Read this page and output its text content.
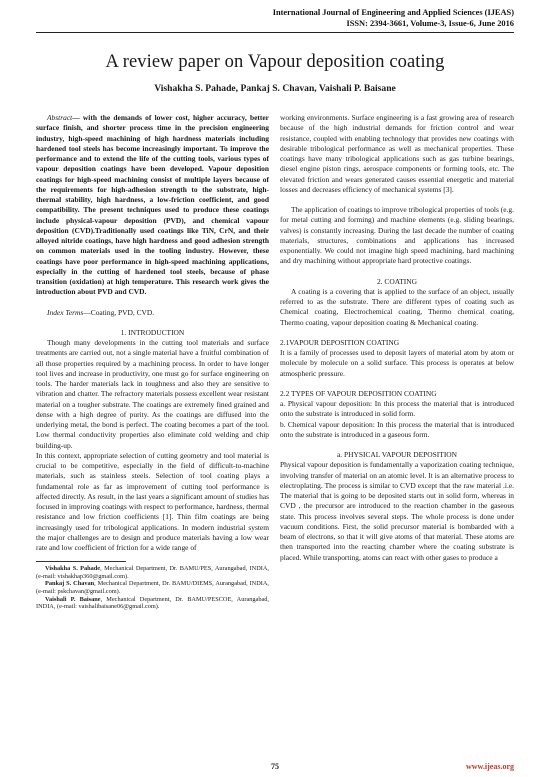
International Journal of Engineering and Applied Sciences (IJEAS)
ISSN: 2394-3661, Volume-3, Issue-6, June 2016
A review paper on Vapour deposition coating
Vishakha S. Pahade, Pankaj S. Chavan, Vaishali P. Baisane

Abstract— with the demands of lower cost, higher accuracy, better surface finish, and shorter process time in the precision engineering industry, high-speed machining of high hardness materials including hardened tool steels has become increasingly important. To improve the performance and to extend the life of the cutting tools, various types of vapour deposition coatings have been developed. Vapour deposition coatings for high-speed machining consist of multiple layers because of the requirements for high-adhesion strength to the substrate, high-thermal stability, high hardness, a low-friction coefficient, and good compatibility. The present techniques used to produce these coatings include physical-vapour deposition (PVD), and chemical vapour deposition (CVD).Traditionally used coatings like TiN, CrN, and their alloyed nitride coatings, have high hardness and good adhesion strength on common materials used in the tooling industry. However, these coatings have poor performance in high-speed machining applications, especially in the cutting of hardened tool steels, because of phase transition (oxidation) at high temperature. This research work gives the introduction about PVD and CVD.

Index Terms—Coating, PVD, CVD.

1. INTRODUCTION

Though many developments in the cutting tool materials and surface treatments are carried out, not a single material have a fruitful combination of all those properties required by a machining process. In order to have longer tool lives and increase in productivity, one must go for surface engineering on tools. The harder materials lack in toughness and also they are sensitive to vibration and chatter. The refractory materials possess excellent wear resistant material on a tougher substrate. The coatings are extremely fined grained and dense with a high degree of purity. As the coatings are diffused into the underlying metal, the bond is perfect. The coating becomes a part of the tool. Low thermal conductivity properties also eliminate cold welding and chip building-up.

In this context, appropriate selection of cutting geometry and tool material is crucial to be competitive, especially in the field of difficult-to-machine materials, such as stainless steels. Selection of tool coating plays a fundamental role as far as improvement of cutting tool performance is affected directly. As result, in the last years a significant amount of studies has focused in improving coatings with respect to performance, hardness, thermal resistance and low friction coefficients [1]. Thin film coatings are being increasingly used for tribological applications. In modern industrial system the major challenges are to design and produce materials having a low wear rate and low coefficient of friction for a wide range of

Vishakha S. Pahade, Mechanical Department, Dr. BAMU/PES, Aurangabad, INDIA, (e-mail: vishakhap360@gmail.com).

Pankaj S. Chavan, Mechanical Department, Dr. BAMU/DIEMS, Aurangabad, INDIA, (e-mail: pskchavan@gmail.com).

Vaishali P. Baisane, Mechanical Department, Dr. BAMU/PESCOE, Aurangabad, INDIA, (e-mail: vaishalibaisane06@gmail.com).

working environments. Surface engineering is a fast growing area of research because of the high industrial demands for friction control and wear resistance, coupled with enabling technology that provides new coatings with desirable tribological performance as well as mechanical properties. These coatings have many tribological applications such as gas turbine bearings, diesel engine piston rings, aerospace components or forming tools, etc. The elevated friction and wears generated causes essential energetic and material losses and decreases efficiency of mechanical systems [3].

The application of coatings to improve tribological properties of tools (e.g. for metal cutting and forming) and machine elements (e.g. sliding bearings, valves) is constantly increasing. During the last decade the number of coating materials, structures, combinations and applications has increased exponentially. We could not imagine high speed machining, hard machining and dry machining without appropriate hard protective coatings.

2. COATING

A coating is a covering that is applied to the surface of an object, usually referred to as the substrate. There are different types of coating such as Chemical coating, Electrochemical coating, Thermo chemical coating, Thermo coating, vapour deposition coating & Mechanical coating.

2.1VAPOUR DEPOSITION COATING

It is a family of processes used to deposit layers of material atom by atom or molecule by molecule on a solid surface. This process is operates at below atmospheric pressure.

2.2 TYPES OF VAPOUR DEPOSITION COATING

a. Physical vapour deposition: In this process the material that is introduced onto the substrate is introduced in solid form.

b. Chemical vapour deposition: In this process the material that is introduced onto the substrate is introduced in a gaseous form.

a. PHYSICAL VAPOUR DEPOSITION

Physical vapour deposition is fundamentally a vaporization coating technique, involving transfer of material on an atomic level. It is an alternative process to electroplating. The process is similar to CVD except that the raw material .i.e. The material that is going to be deposited starts out in solid form, whereas in CVD , the precursor are introduced to the reaction chamber in the gaseous state. This process involves several steps. The whole process is done under vacuum conditions. First, the solid precursor material is bombarded with a beam of electrons, so that it will give atoms of that material. These atoms are then transported into the reacting chamber where the coating substrate is placed. While transporting, atoms can react with other gases to produce a

75	www.ijeas.org
